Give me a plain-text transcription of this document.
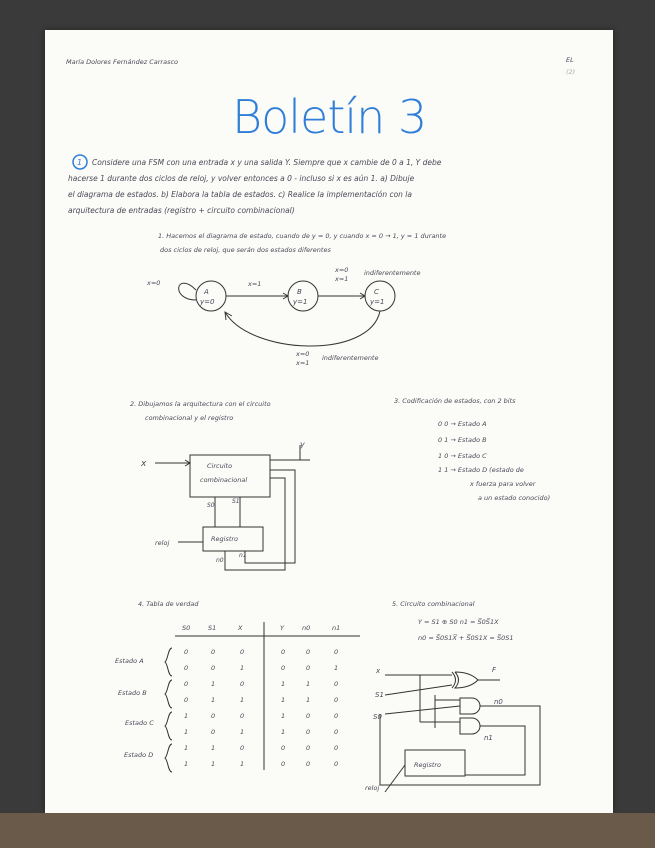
María Dolores Fernández Carrasco	EL
(2)
Boletín 3
1
A
y=0
B
y=1
C
y=1
x=0	x=1
x=0
x=1
indiferentemente
x=0
x=1
indiferentemente
x
y
Circuito
combinacional
Registro
reloj
S0
S1
n0
n1
x
S1
S0
F
n0
n1
Registro
reloj
Considere una FSM con una entrada x y una salida Y. Siempre que x cambie de 0 a 1, Y debe
hacerse 1 durante dos ciclos de reloj, y volver entonces a 0 - incluso si x es aún 1. a) Dibuje
el diagrama de estados. b) Elabora la tabla de estados. c) Realice la implementación con la
arquitectura de entradas (registro + circuito combinacional)
1. Hacemos el diagrama de estado, cuando de y = 0, y cuando x = 0 → 1, y = 1 durante
dos ciclos de reloj, que serán dos estados diferentes
2. Dibujamos la arquitectura con el circuito
combinacional y el registro
3. Codificación de estados, con 2 bits
0 0 → Estado A
0 1 → Estado B
1 0 → Estado C
1 1 → Estado D (estado de
x fuerza para volver
a un estado conocido)
4. Tabla de verdad
S0	S1	X	Y	n0	n1
Estado A
Estado B
Estado C
Estado D
0	0	0	0	0	0
0	0	1	0	0	1
0	1	0	1	1	0
0	1	1	1	1	0
1	0	0	1	0	0
1	0	1	1	0	0
1	1	0	0	0	0
1	1	1	0	0	0
5. Circuito combinacional
Y = S1 ⊕ S0 n1 = S̅0S̅1X
n0 = S̅0S1X̅ + S̅0S1X = S̅0S1
